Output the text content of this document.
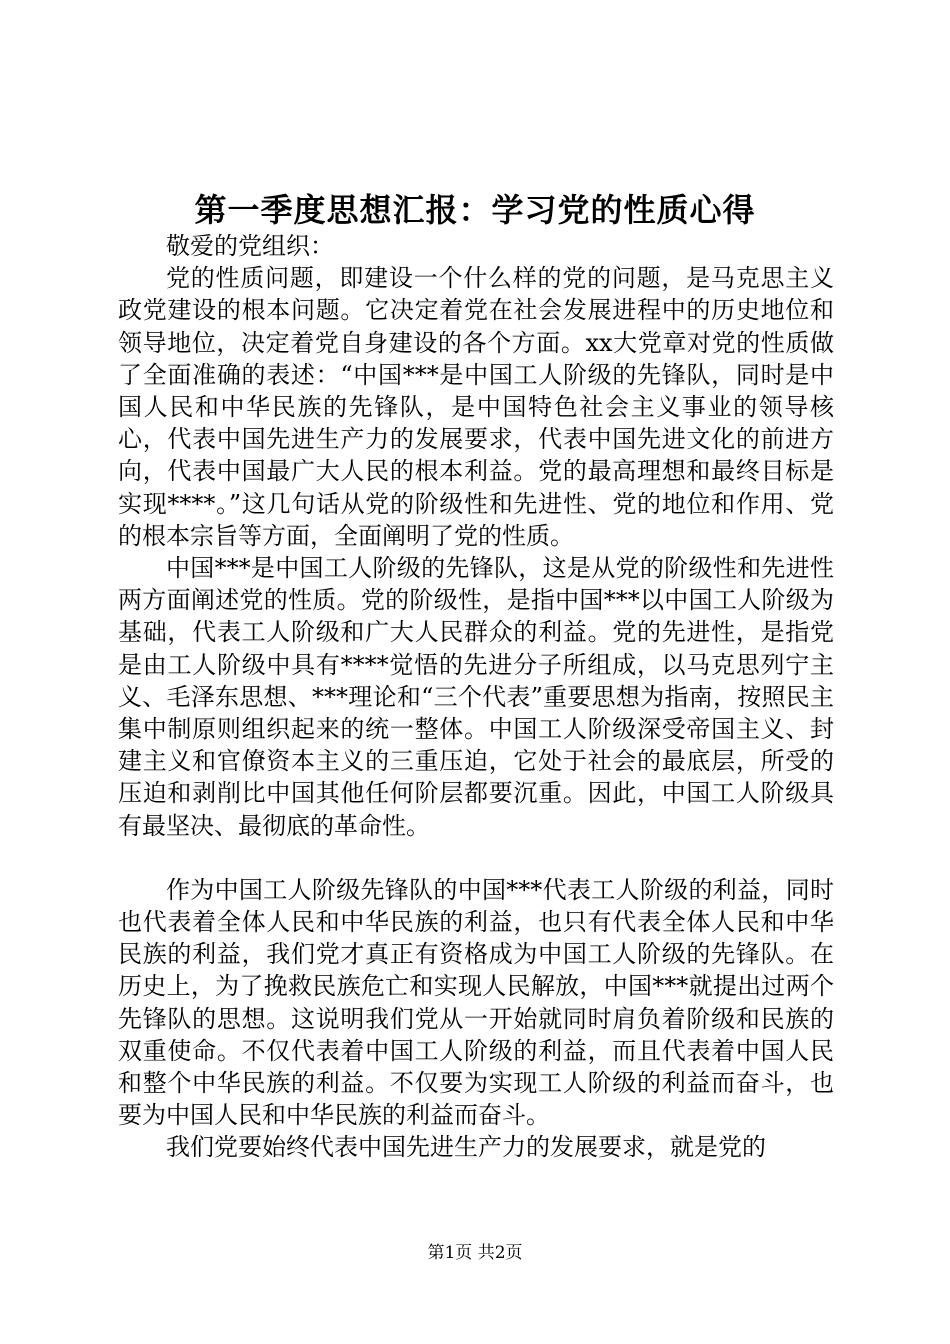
第一季度思想汇报：学习党的性质心得

敬爱的党组织：

党的性质问题，即建设一个什么样的党的问题，是马克思主义政党建设的根本问题。它决定着党在社会发展进程中的历史地位和领导地位，决定着党自身建设的各个方面。xx大党章对党的性质做了全面准确的表述：“中国***是中国工人阶级的先锋队，同时是中国人民和中华民族的先锋队，是中国特色社会主义事业的领导核心，代表中国先进生产力的发展要求，代表中国先进文化的前进方向，代表中国最广大人民的根本利益。党的最高理想和最终目标是实现****。”这几句话从党的阶级性和先进性、党的地位和作用、党的根本宗旨等方面，全面阐明了党的性质。

中国***是中国工人阶级的先锋队，这是从党的阶级性和先进性两方面阐述党的性质。党的阶级性，是指中国***以中国工人阶级为基础，代表工人阶级和广大人民群众的利益。党的先进性，是指党是由工人阶级中具有****觉悟的先进分子所组成，以马克思列宁主义、毛泽东思想、***理论和“三个代表”重要思想为指南，按照民主集中制原则组织起来的统一整体。中国工人阶级深受帝国主义、封建主义和官僚资本主义的三重压迫，它处于社会的最底层，所受的压迫和剥削比中国其他任何阶层都要沉重。因此，中国工人阶级具有最坚决、最彻底的革命性。

作为中国工人阶级先锋队的中国***代表工人阶级的利益，同时也代表着全体人民和中华民族的利益，也只有代表全体人民和中华民族的利益，我们党才真正有资格成为中国工人阶级的先锋队。在历史上，为了挽救民族危亡和实现人民解放，中国***就提出过两个先锋队的思想。这说明我们党从一开始就同时肩负着阶级和民族的双重使命。不仅代表着中国工人阶级的利益，而且代表着中国人民和整个中华民族的利益。不仅要为实现工人阶级的利益而奋斗，也要为中国人民和中华民族的利益而奋斗。

我们党要始终代表中国先进生产力的发展要求，就是党的

第1页 共2页
